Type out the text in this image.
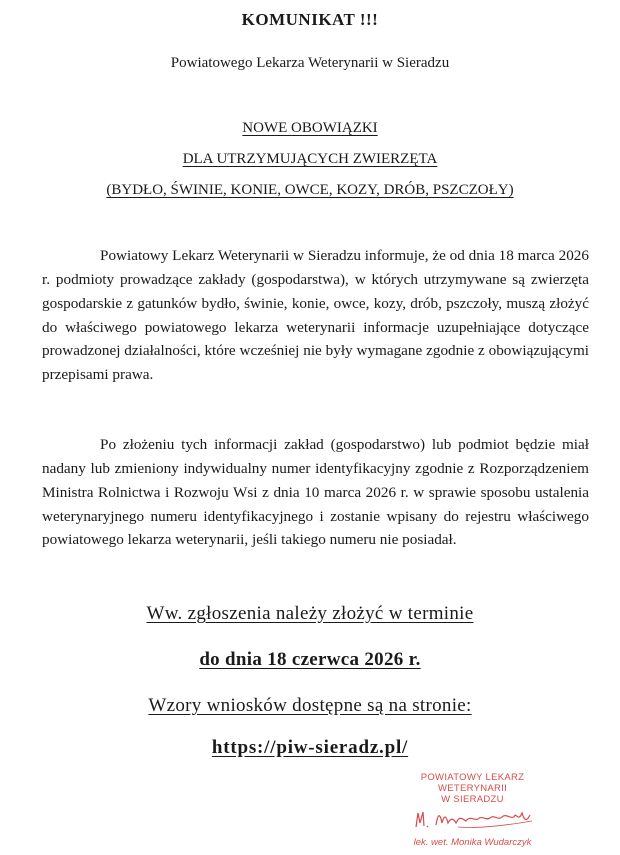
KOMUNIKAT !!!
Powiatowego Lekarza Weterynarii w Sieradzu
NOWE OBOWIĄZKI
DLA UTRZYMUJĄCYCH ZWIERZĘTA
(BYDŁO, ŚWINIE, KONIE, OWCE, KOZY, DRÓB, PSZCZOŁY)

Powiatowy Lekarz Weterynarii w Sieradzu informuje, że od dnia 18 marca 2026 r. podmioty prowadzące zakłady (gospodarstwa), w których utrzymywane są zwierzęta gospodarskie z gatunków bydło, świnie, konie, owce, kozy, drób, pszczoły, muszą złożyć do właściwego powiatowego lekarza weterynarii informacje uzupełniające dotyczące prowadzonej działalności, które wcześniej nie były wymagane zgodnie z obowiązującymi przepisami prawa.

Po złożeniu tych informacji zakład (gospodarstwo) lub podmiot będzie miał nadany lub zmieniony indywidualny numer identyfikacyjny zgodnie z Rozporządzeniem Ministra Rolnictwa i Rozwoju Wsi z dnia 10 marca 2026 r. w sprawie sposobu ustalenia weterynaryjnego numeru identyfikacyjnego i zostanie wpisany do rejestru właściwego powiatowego lekarza weterynarii, jeśli takiego numeru nie posiadał.

Ww. zgłoszenia należy złożyć w terminie
do dnia 18 czerwca 2026 r.
Wzory wniosków dostępne są na stronie:
https://piw-sieradz.pl/
POWIATOWY LEKARZ WETERYNARII
W SIERADZU
lek. wet. Monika Wudarczyk
